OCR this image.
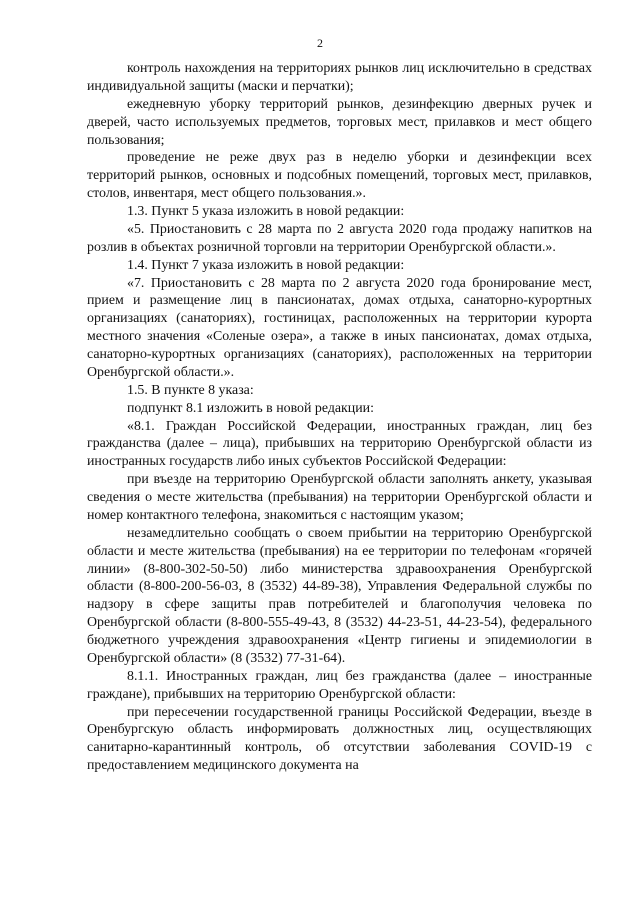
2

контроль нахождения на территориях рынков лиц исключительно в средствах индивидуальной защиты (маски и перчатки);

ежедневную уборку территорий рынков, дезинфекцию дверных ручек и дверей, часто используемых предметов, торговых мест, прилавков и мест общего пользования;

проведение не реже двух раз в неделю уборки и дезинфекции всех территорий рынков, основных и подсобных помещений, торговых мест, прилавков, столов, инвентаря, мест общего пользования.».

1.3. Пункт 5 указа изложить в новой редакции:

«5. Приостановить с 28 марта по 2 августа 2020 года продажу напитков на розлив в объектах розничной торговли на территории Оренбургской области.».

1.4. Пункт 7 указа изложить в новой редакции:

«7. Приостановить с 28 марта по 2 августа 2020 года бронирование мест, прием и размещение лиц в пансионатах, домах отдыха, санаторно-курортных организациях (санаториях), гостиницах, расположенных на территории курорта местного значения «Соленые озера», а также в иных пансионатах, домах отдыха, санаторно-курортных организациях (санаториях), расположенных на территории Оренбургской области.».

1.5. В пункте 8 указа:

подпункт 8.1 изложить в новой редакции:

«8.1. Граждан Российской Федерации, иностранных граждан, лиц без гражданства (далее – лица), прибывших на территорию Оренбургской области из иностранных государств либо иных субъектов Российской Федерации:

при въезде на территорию Оренбургской области заполнять анкету, указывая сведения о месте жительства (пребывания) на территории Оренбургской области и номер контактного телефона, знакомиться с настоящим указом;

незамедлительно сообщать о своем прибытии на территорию Оренбургской области и месте жительства (пребывания) на ее территории по телефонам «горячей линии» (8-800-302-50-50) либо министерства здравоохранения Оренбургской области (8-800-200-56-03, 8 (3532) 44-89-38), Управления Федеральной службы по надзору в сфере защиты прав потребителей и благополучия человека по Оренбургской области (8-800-555-49-43, 8 (3532) 44-23-51, 44-23-54), федерального бюджетного учреждения здравоохранения «Центр гигиены и эпидемиологии в Оренбургской области» (8 (3532) 77-31-64).

8.1.1. Иностранных граждан, лиц без гражданства (далее – иностранные граждане), прибывших на территорию Оренбургской области:

при пересечении государственной границы Российской Федерации, въезде в Оренбургскую область информировать должностных лиц, осуществляющих санитарно-карантинный контроль, об отсутствии заболевания COVID-19 с предоставлением медицинского документа на
